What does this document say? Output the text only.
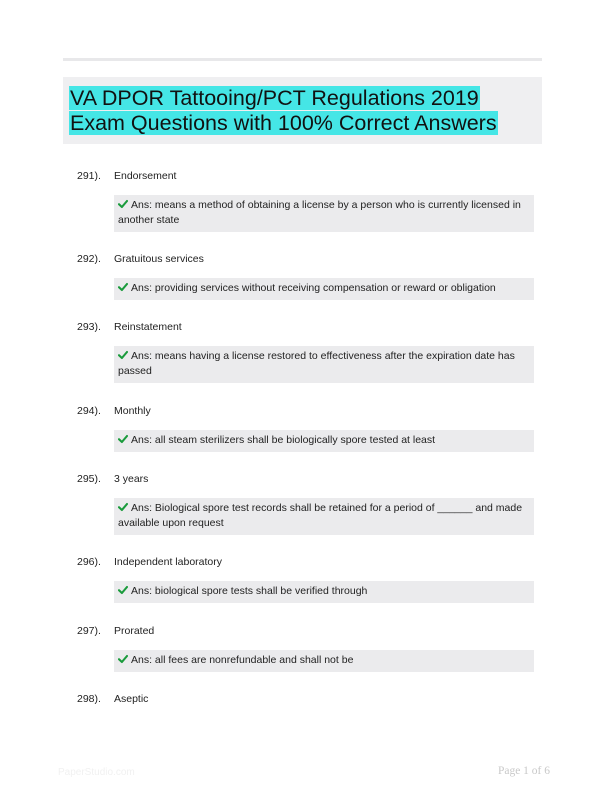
VA DPOR Tattooing/PCT Regulations 2019 Exam Questions with 100% Correct Answers
291). Endorsement
Ans: means a method of obtaining a license by a person who is currently licensed in another state
292). Gratuitous services
Ans: providing services without receiving compensation or reward or obligation
293). Reinstatement
Ans: means having a license restored to effectiveness after the expiration date has passed
294). Monthly
Ans: all steam sterilizers shall be biologically spore tested at least
295). 3 years
Ans: Biological spore test records shall be retained for a period of ______ and made available upon request
296). Independent laboratory
Ans: biological spore tests shall be verified through
297). Prorated
Ans: all fees are nonrefundable and shall not be
298). Aseptic
PaperStudio.com	Page 1 of 6
